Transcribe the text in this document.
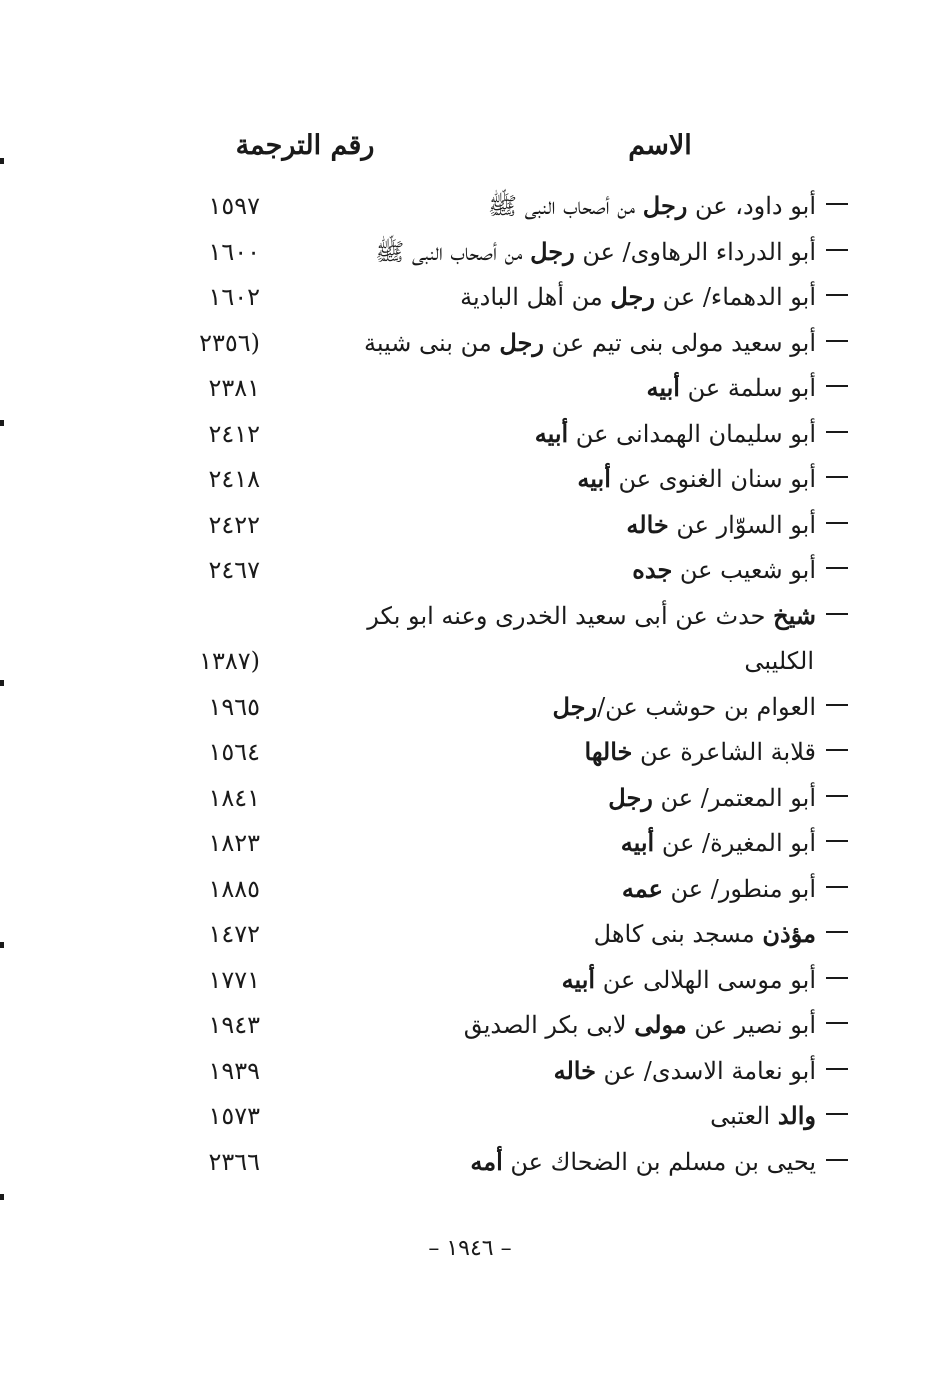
الاسم
رقم الترجمة
أبو داود، عن رجل من أصحاب النبى ﷺ
١٥٩٧
أبو الدرداء الرهاوى/ عن رجل من أصحاب النبى ﷺ
١٦٠٠
أبو الدهماء/ عن رجل من أهل البادية
١٦٠٢
أبو سعيد مولى بنى تيم عن رجل من بنى شيبة
(٢٣٥٦
أبو سلمة عن أبيه
٢٣٨١
أبو سليمان الهمدانى عن أبيه
٢٤١٢
أبو سنان الغنوى عن أبيه
٢٤١٨
أبو السوّار عن خاله
٢٤٢٢
أبو شعيب عن جده
٢٤٦٧
شيخ حدث عن أبى سعيد الخدرى وعنه ابو بكر
الكليبى
(١٣٨٧
العوام بن حوشب عن/رجل
١٩٦٥
قلابة الشاعرة عن خالها
١٥٦٤
أبو المعتمر/ عن رجل
١٨٤١
أبو المغيرة/ عن أبيه
١٨٢٣
أبو منطور/ عن عمه
١٨٨٥
مؤذن مسجد بنى كاهل
١٤٧٢
أبو موسى الهلالى عن أبيه
١٧٧١
أبو نصير عن مولى لابى بكر الصديق
١٩٤٣
أبو نعامة الاسدى/ عن خاله
١٩٣٩
والد العتبى
١٥٧٣
يحيى بن مسلم بن الضحاك عن أمه
٢٣٦٦
– ١٩٤٦ –
